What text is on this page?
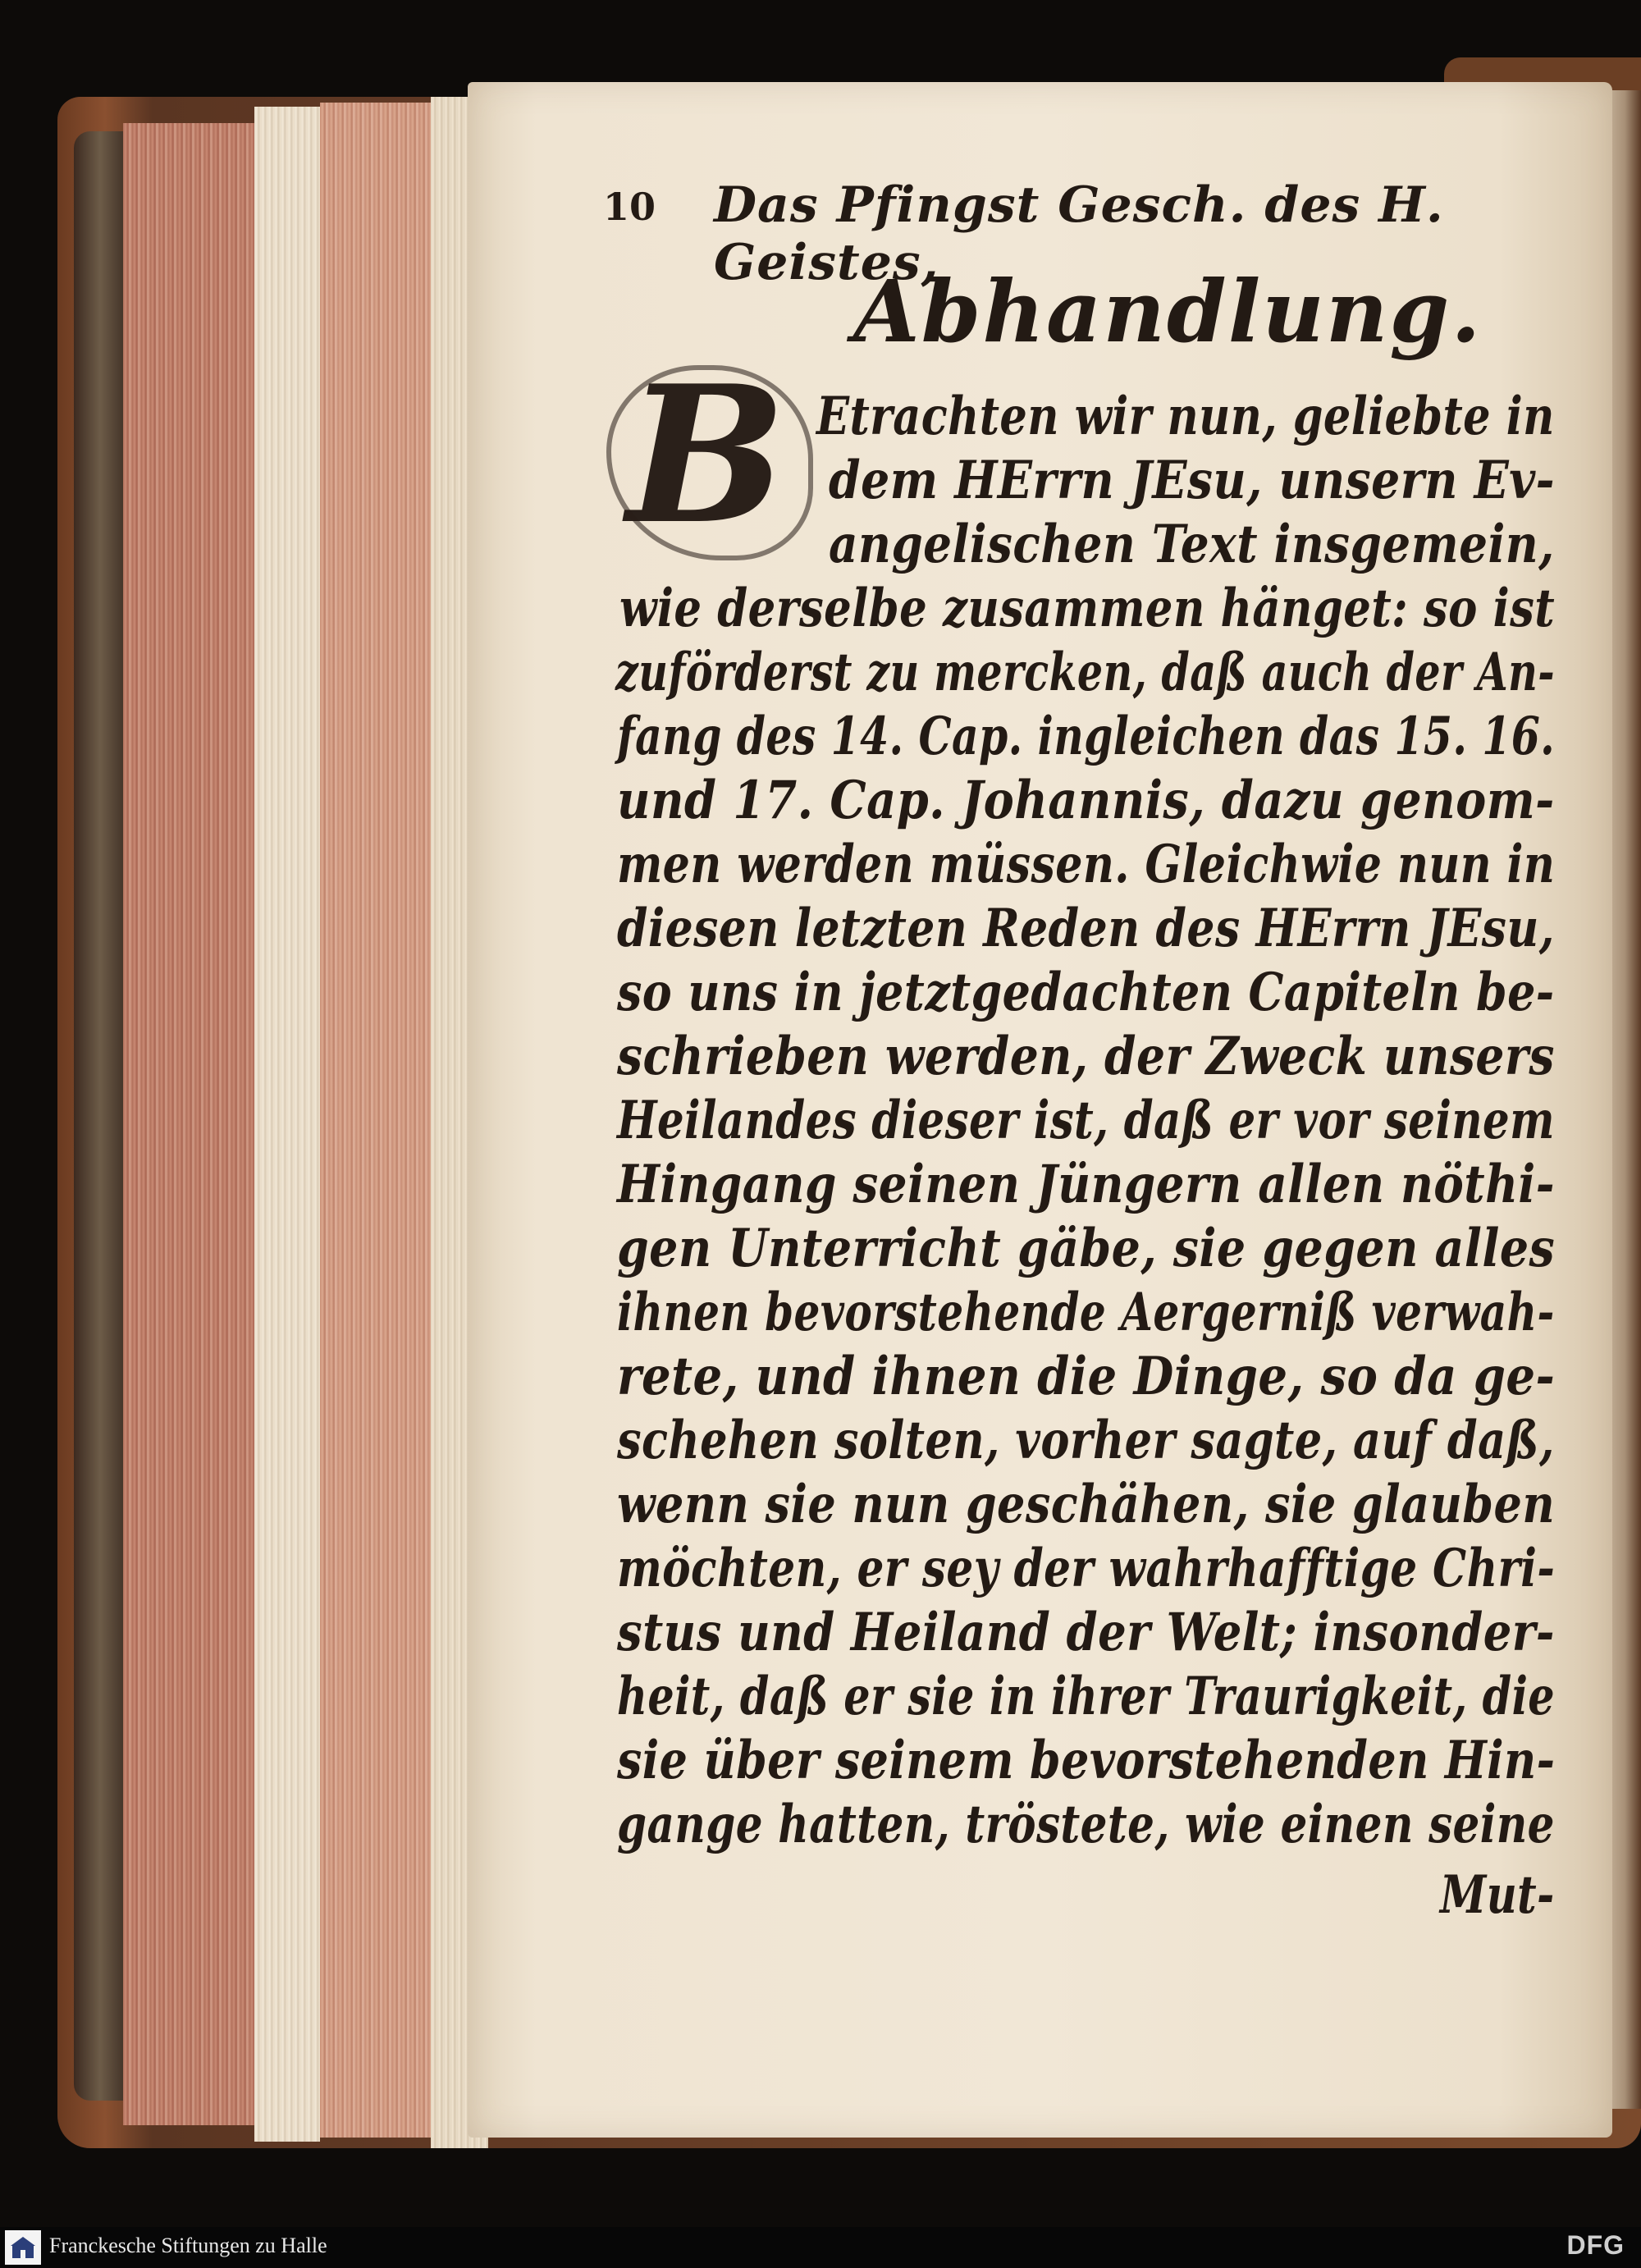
10 Das Pfingst Gesch. des H. Geistes,
Abhandlung.
B Etrachten wir nun, geliebte in
dem HErrn JEsu, unsern Ev-
angelischen Text insgemein,
wie derselbe zusammen hänget: so ist
zuförderst zu mercken, daß auch der An-
fang des 14. Cap. ingleichen das 15. 16.
und 17. Cap. Johannis, dazu genom-
men werden müssen. Gleichwie nun in
diesen letzten Reden des HErrn JEsu,
so uns in jetztgedachten Capiteln be-
schrieben werden, der Zweck unsers
Heilandes dieser ist, daß er vor seinem
Hingang seinen Jüngern allen nöthi-
gen Unterricht gäbe, sie gegen alles
ihnen bevorstehende Aergerniß verwah-
rete, und ihnen die Dinge, so da ge-
schehen solten, vorher sagte, auf daß,
wenn sie nun geschähen, sie glauben
möchten, er sey der wahrhafftige Chri-
stus und Heiland der Welt; insonder-
heit, daß er sie in ihrer Traurigkeit, die
sie über seinem bevorstehenden Hin-
gange hatten, tröstete, wie einen seine
Mut-
Franckesche Stiftungen zu Halle	DFG
